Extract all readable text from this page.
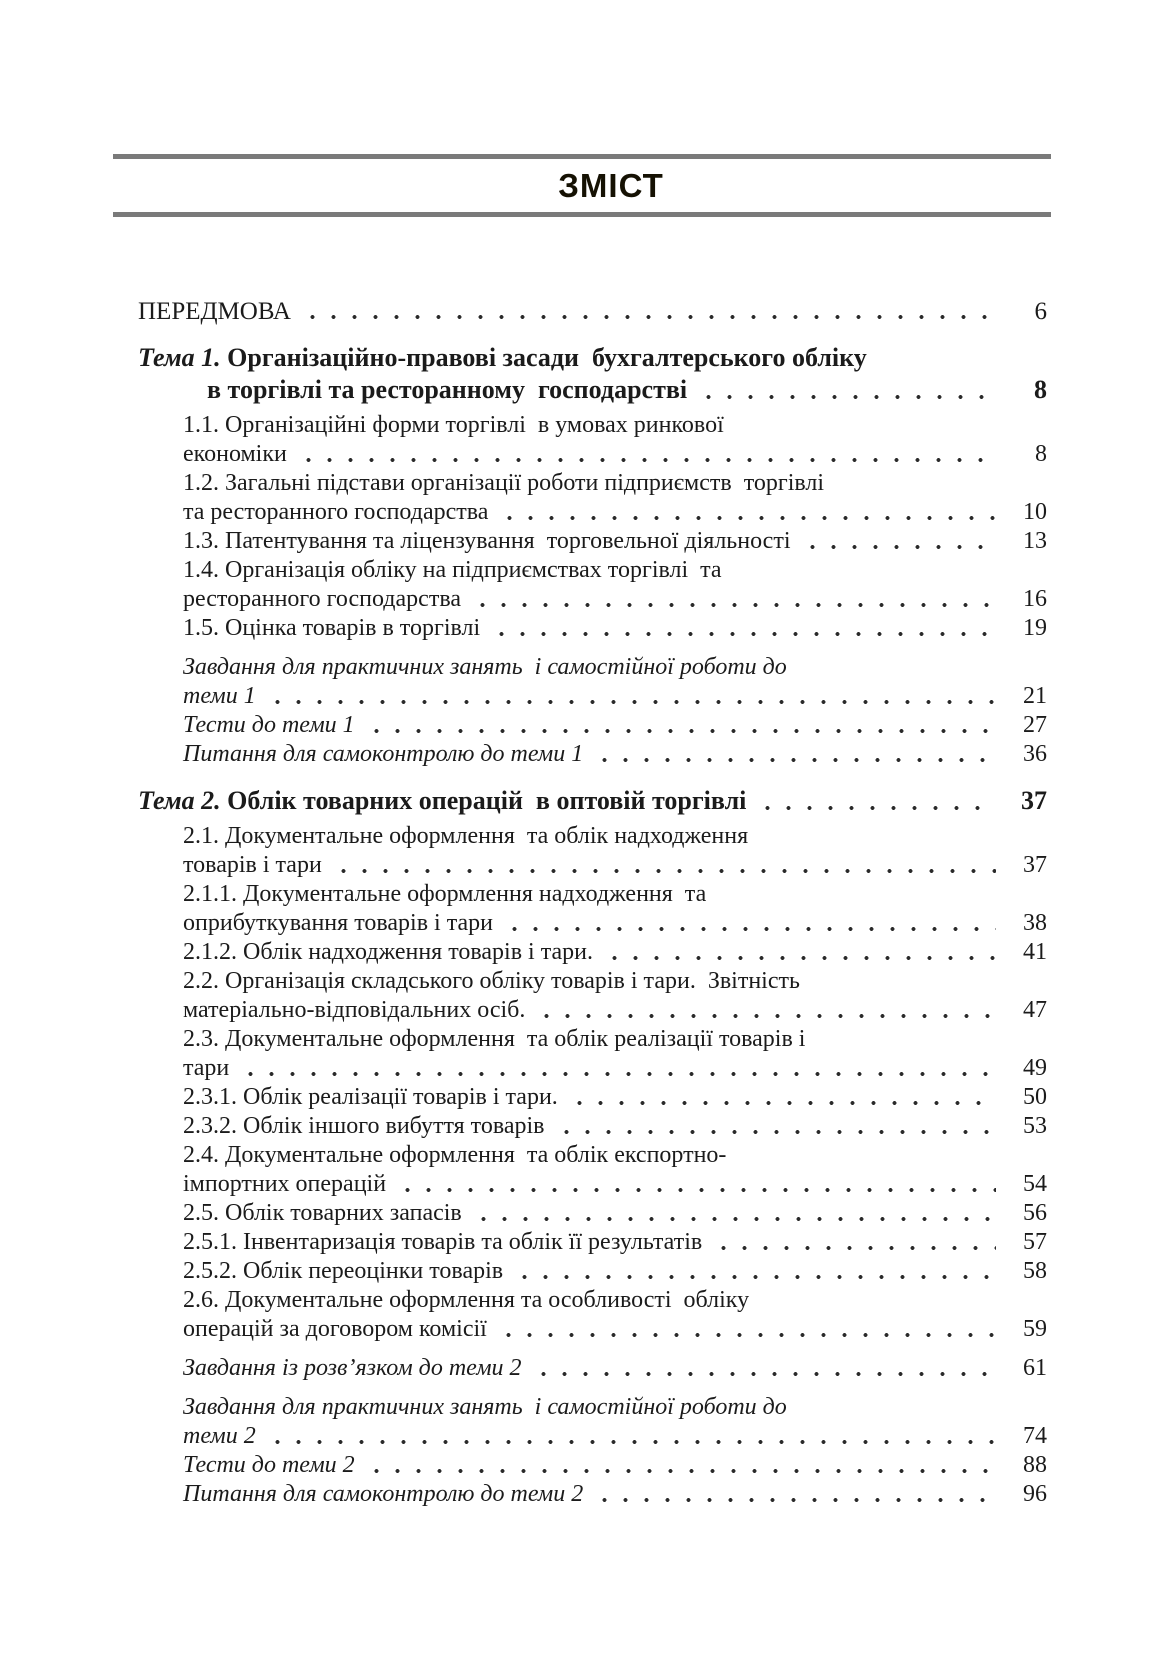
ЗМІСТ
ПЕРЕДМОВА	6
Тема 1. Організаційно-правові засади  бухгалтерського обліку
в торгівлі та ресторанному  господарстві	8
1.1. Організаційні форми торгівлі  в умовах ринкової
економіки	8
1.2. Загальні підстави організації роботи підприємств  торгівлі
та ресторанного господарства	10
1.3. Патентування та ліцензування  торговельної діяльності	13
1.4. Організація обліку на підприємствах торгівлі  та
ресторанного господарства	16
1.5. Оцінка товарів в торгівлі	19
Завдання для практичних занять  і самостійної роботи до
теми 1	21
Тести до теми 1	27
Питання для самоконтролю до теми 1	36
Тема 2. Облік товарних операцій  в оптовій торгівлі	37
2.1. Документальне оформлення  та облік надходження
товарів і тари	37
2.1.1. Документальне оформлення надходження  та
оприбуткування товарів і тари	38
2.1.2. Облік надходження товарів і тари.	41
2.2. Організація складського обліку товарів і тари.  Звітність
матеріально-відповідальних осіб.	47
2.3. Документальне оформлення  та облік реалізації товарів і
тари	49
2.3.1. Облік реалізації товарів і тари.	50
2.3.2. Облік іншого вибуття товарів	53
2.4. Документальне оформлення  та облік експортно-
імпортних операцій	54
2.5. Облік товарних запасів	56
2.5.1. Інвентаризація товарів та облік її результатів	57
2.5.2. Облік переоцінки товарів	58
2.6. Документальне оформлення та особливості  обліку
операцій за договором комісії	59
Завдання із розв’язком до теми 2	61
Завдання для практичних занять  і самостійної роботи до
теми 2	74
Тести до теми 2	88
Питання для самоконтролю до теми 2	96
